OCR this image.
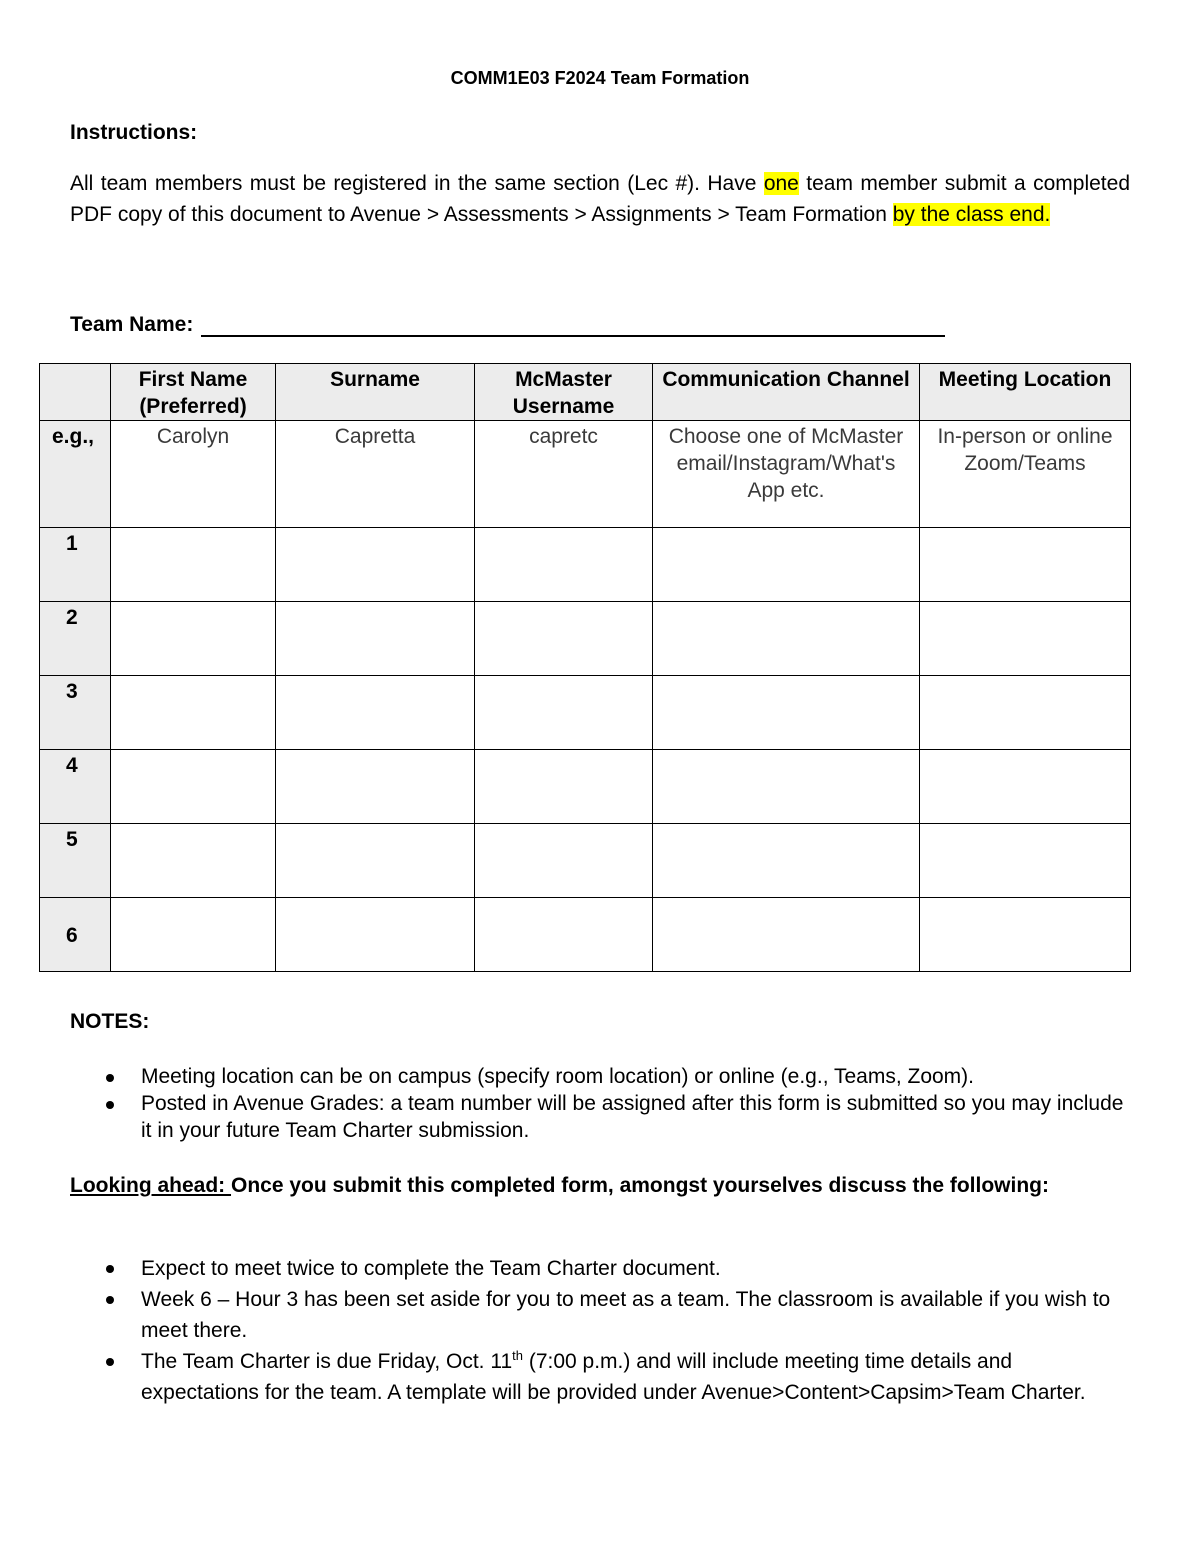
COMM1E03 F2024 Team Formation
Instructions:
All team members must be registered in the same section (Lec #). Have one team member submit a completed PDF copy of this document to Avenue > Assessments > Assignments > Team Formation by the class end.
Team Name:
	First Name (Preferred)	Surname	McMaster Username	Communication Channel	Meeting Location
e.g.,	Carolyn	Capretta	capretc	Choose one of McMaster email/Instagram/What's App etc.	In-person or online Zoom/Teams
1					
2					
3					
4					
5					
6					
NOTES:
Meeting location can be on campus (specify room location) or online (e.g., Teams, Zoom).
Posted in Avenue Grades: a team number will be assigned after this form is submitted so you may include it in your future Team Charter submission.
Looking ahead: Once you submit this completed form, amongst yourselves discuss the following:
Expect to meet twice to complete the Team Charter document.
Week 6 – Hour 3 has been set aside for you to meet as a team. The classroom is available if you wish to meet there.
The Team Charter is due Friday, Oct. 11th (7:00 p.m.) and will include meeting time details and expectations for the team. A template will be provided under Avenue>Content>Capsim>Team Charter.
